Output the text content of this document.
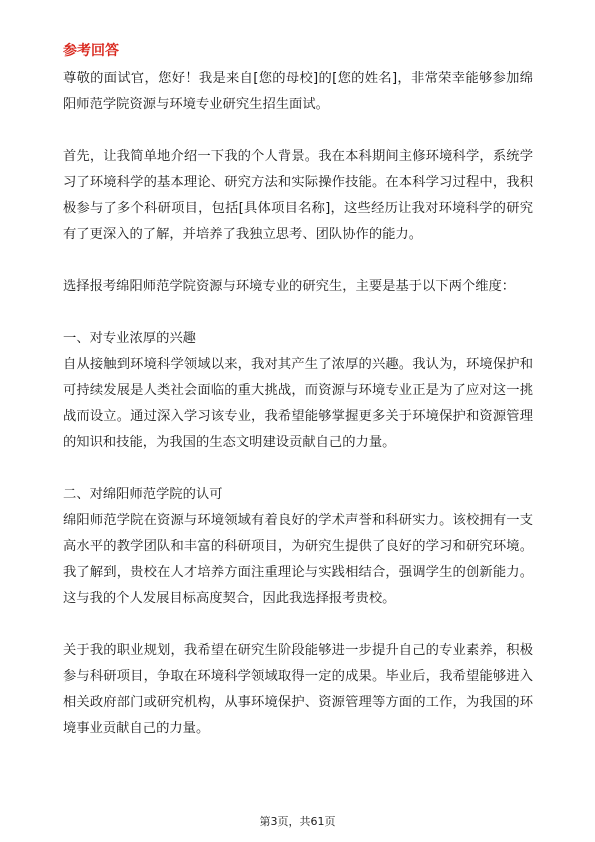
参考回答

尊敬的面试官，您好！我是来自[您的母校]的[您的姓名]，非常荣幸能够参加绵阳师范学院资源与环境专业研究生招生面试。

首先，让我简单地介绍一下我的个人背景。我在本科期间主修环境科学，系统学习了环境科学的基本理论、研究方法和实际操作技能。在本科学习过程中，我积极参与了多个科研项目，包括[具体项目名称]，这些经历让我对环境科学的研究有了更深入的了解，并培养了我独立思考、团队协作的能力。

选择报考绵阳师范学院资源与环境专业的研究生，主要是基于以下两个维度：

一、对专业浓厚的兴趣

自从接触到环境科学领域以来，我对其产生了浓厚的兴趣。我认为，环境保护和可持续发展是人类社会面临的重大挑战，而资源与环境专业正是为了应对这一挑战而设立。通过深入学习该专业，我希望能够掌握更多关于环境保护和资源管理的知识和技能，为我国的生态文明建设贡献自己的力量。

二、对绵阳师范学院的认可

绵阳师范学院在资源与环境领域有着良好的学术声誉和科研实力。该校拥有一支高水平的教学团队和丰富的科研项目，为研究生提供了良好的学习和研究环境。我了解到，贵校在人才培养方面注重理论与实践相结合，强调学生的创新能力。这与我的个人发展目标高度契合，因此我选择报考贵校。

关于我的职业规划，我希望在研究生阶段能够进一步提升自己的专业素养，积极参与科研项目，争取在环境科学领域取得一定的成果。毕业后，我希望能够进入相关政府部门或研究机构，从事环境保护、资源管理等方面的工作，为我国的环境事业贡献自己的力量。

第3页，共61页
